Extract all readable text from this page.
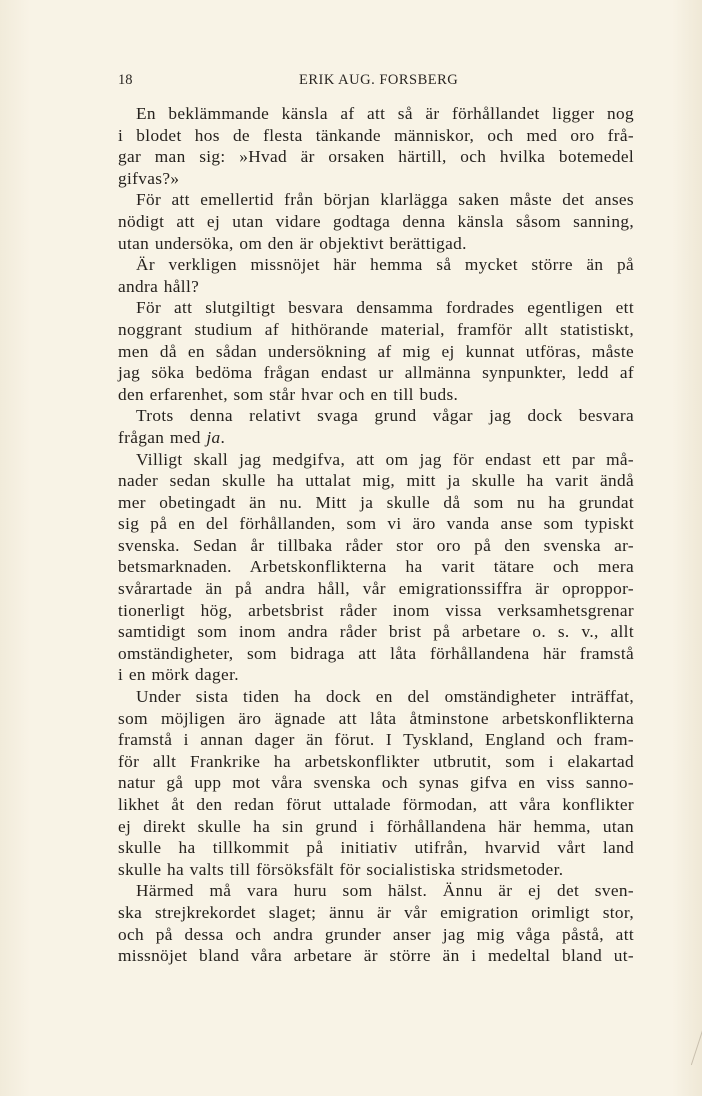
18	ERIK AUG. FORSBERG
En beklämmande känsla af att så är förhållandet ligger nog
i blodet hos de flesta tänkande människor, och med oro frå-
gar man sig: »Hvad är orsaken härtill, och hvilka botemedel
gifvas?»
För att emellertid från början klarlägga saken måste det anses
nödigt att ej utan vidare godtaga denna känsla såsom sanning,
utan undersöka, om den är objektivt berättigad.
Är verkligen missnöjet här hemma så mycket större än på
andra håll?
För att slutgiltigt besvara densamma fordrades egentligen ett
noggrant studium af hithörande material, framför allt statistiskt,
men då en sådan undersökning af mig ej kunnat utföras, måste
jag söka bedöma frågan endast ur allmänna synpunkter, ledd af
den erfarenhet, som står hvar och en till buds.
Trots denna relativt svaga grund vågar jag dock besvara
frågan med ja.
Villigt skall jag medgifva, att om jag för endast ett par må-
nader sedan skulle ha uttalat mig, mitt ja skulle ha varit ändå
mer obetingadt än nu. Mitt ja skulle då som nu ha grundat
sig på en del förhållanden, som vi äro vanda anse som typiskt
svenska. Sedan år tillbaka råder stor oro på den svenska ar-
betsmarknaden. Arbetskonflikterna ha varit tätare och mera
svårartade än på andra håll, vår emigrationssiffra är oproppor-
tionerligt hög, arbetsbrist råder inom vissa verksamhetsgrenar
samtidigt som inom andra råder brist på arbetare o. s. v., allt
omständigheter, som bidraga att låta förhållandena här framstå
i en mörk dager.
Under sista tiden ha dock en del omständigheter inträffat,
som möjligen äro ägnade att låta åtminstone arbetskonflikterna
framstå i annan dager än förut. I Tyskland, England och fram-
för allt Frankrike ha arbetskonflikter utbrutit, som i elakartad
natur gå upp mot våra svenska och synas gifva en viss sanno-
likhet åt den redan förut uttalade förmodan, att våra konflikter
ej direkt skulle ha sin grund i förhållandena här hemma, utan
skulle ha tillkommit på initiativ utifrån, hvarvid vårt land
skulle ha valts till försöksfält för socialistiska stridsmetoder.
Härmed må vara huru som hälst. Ännu är ej det sven-
ska strejkrekordet slaget; ännu är vår emigration orimligt stor,
och på dessa och andra grunder anser jag mig våga påstå, att
missnöjet bland våra arbetare är större än i medeltal bland ut-
